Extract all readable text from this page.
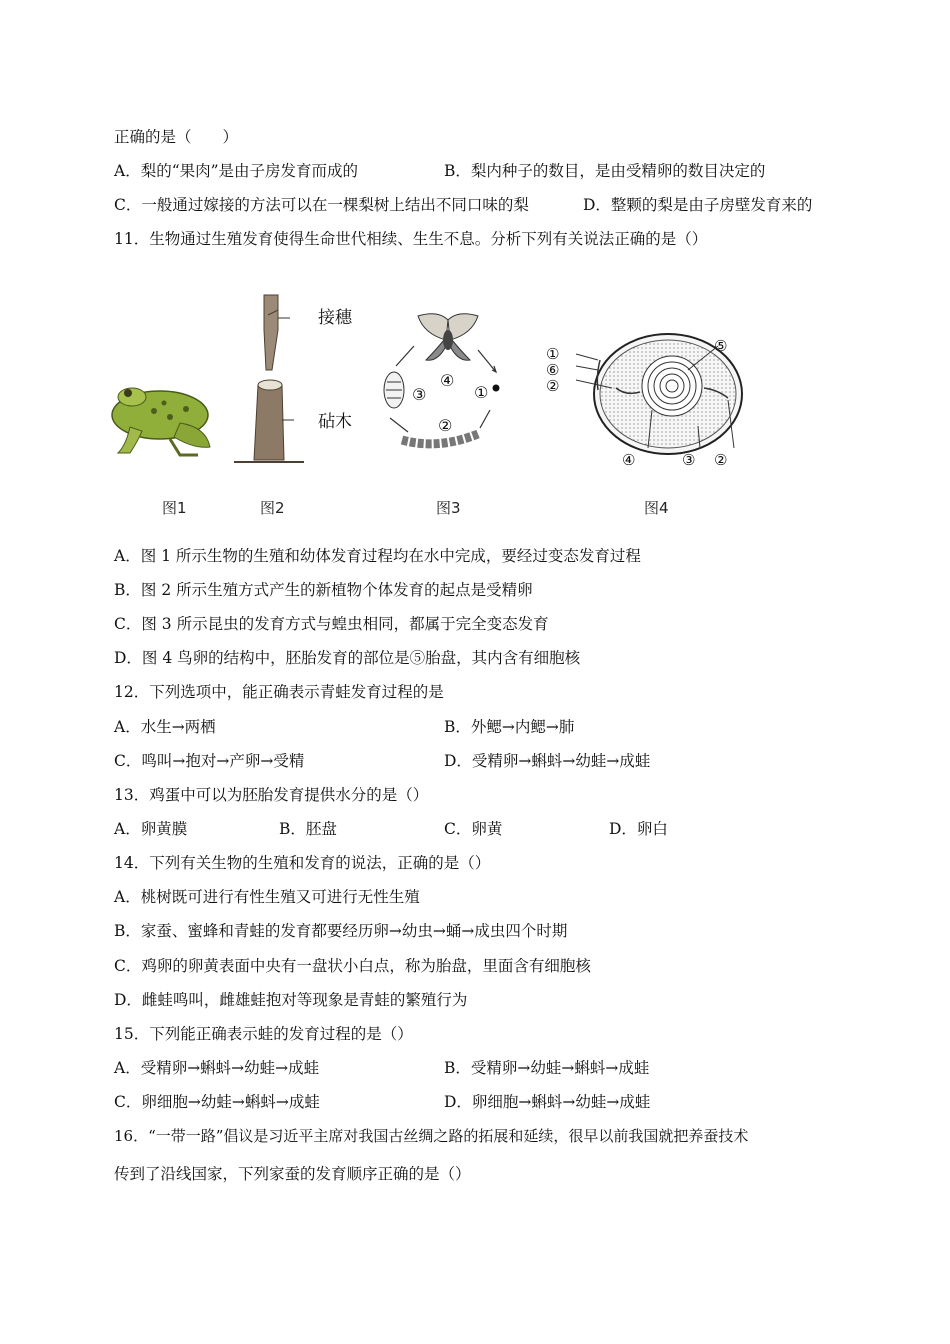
正确的是（　　）
A．梨的“果肉”是由子房发育而成的	B．梨内种子的数目，是由受精卵的数目决定的
C．一般通过嫁接的方法可以在一棵梨树上结出不同口味的梨	D．整颗的梨是由子房壁发育来的
11．生物通过生殖发育使得生命世代相续、生生不息。分析下列有关说法正确的是（）
接穗
砧木
①
②
③
④
①
⑥
②
⑤
④	③ ②
图1	图2	图3	图4
A．图 1 所示生物的生殖和幼体发育过程均在水中完成，要经过变态发育过程
B．图 2 所示生殖方式产生的新植物个体发育的起点是受精卵
C．图 3 所示昆虫的发育方式与蝗虫相同，都属于完全变态发育
D．图 4 鸟卵的结构中，胚胎发育的部位是⑤胎盘，其内含有细胞核
12．下列选项中，能正确表示青蛙发育过程的是
A．水生→两栖	B．外鳃→内鳃→肺
C．鸣叫→抱对→产卵→受精	D．受精卵→蝌蚪→幼蛙→成蛙
13．鸡蛋中可以为胚胎发育提供水分的是（）
A．卵黄膜	B．胚盘	C．卵黄	D．卵白
14．下列有关生物的生殖和发育的说法，正确的是（）
A．桃树既可进行有性生殖又可进行无性生殖
B．家蚕、蜜蜂和青蛙的发育都要经历卵→幼虫→蛹→成虫四个时期
C．鸡卵的卵黄表面中央有一盘状小白点，称为胎盘，里面含有细胞核
D．雌蛙鸣叫，雌雄蛙抱对等现象是青蛙的繁殖行为
15．下列能正确表示蛙的发育过程的是（）
A．受精卵→蝌蚪→幼蛙→成蛙	B．受精卵→幼蛙→蝌蚪→成蛙
C．卵细胞→幼蛙→蝌蚪→成蛙	D．卵细胞→蝌蚪→幼蛙→成蛙
16．“一带一路”倡议是习近平主席对我国古丝绸之路的拓展和延续，很早以前我国就把养蚕技术
传到了沿线国家，下列家蚕的发育顺序正确的是（）
